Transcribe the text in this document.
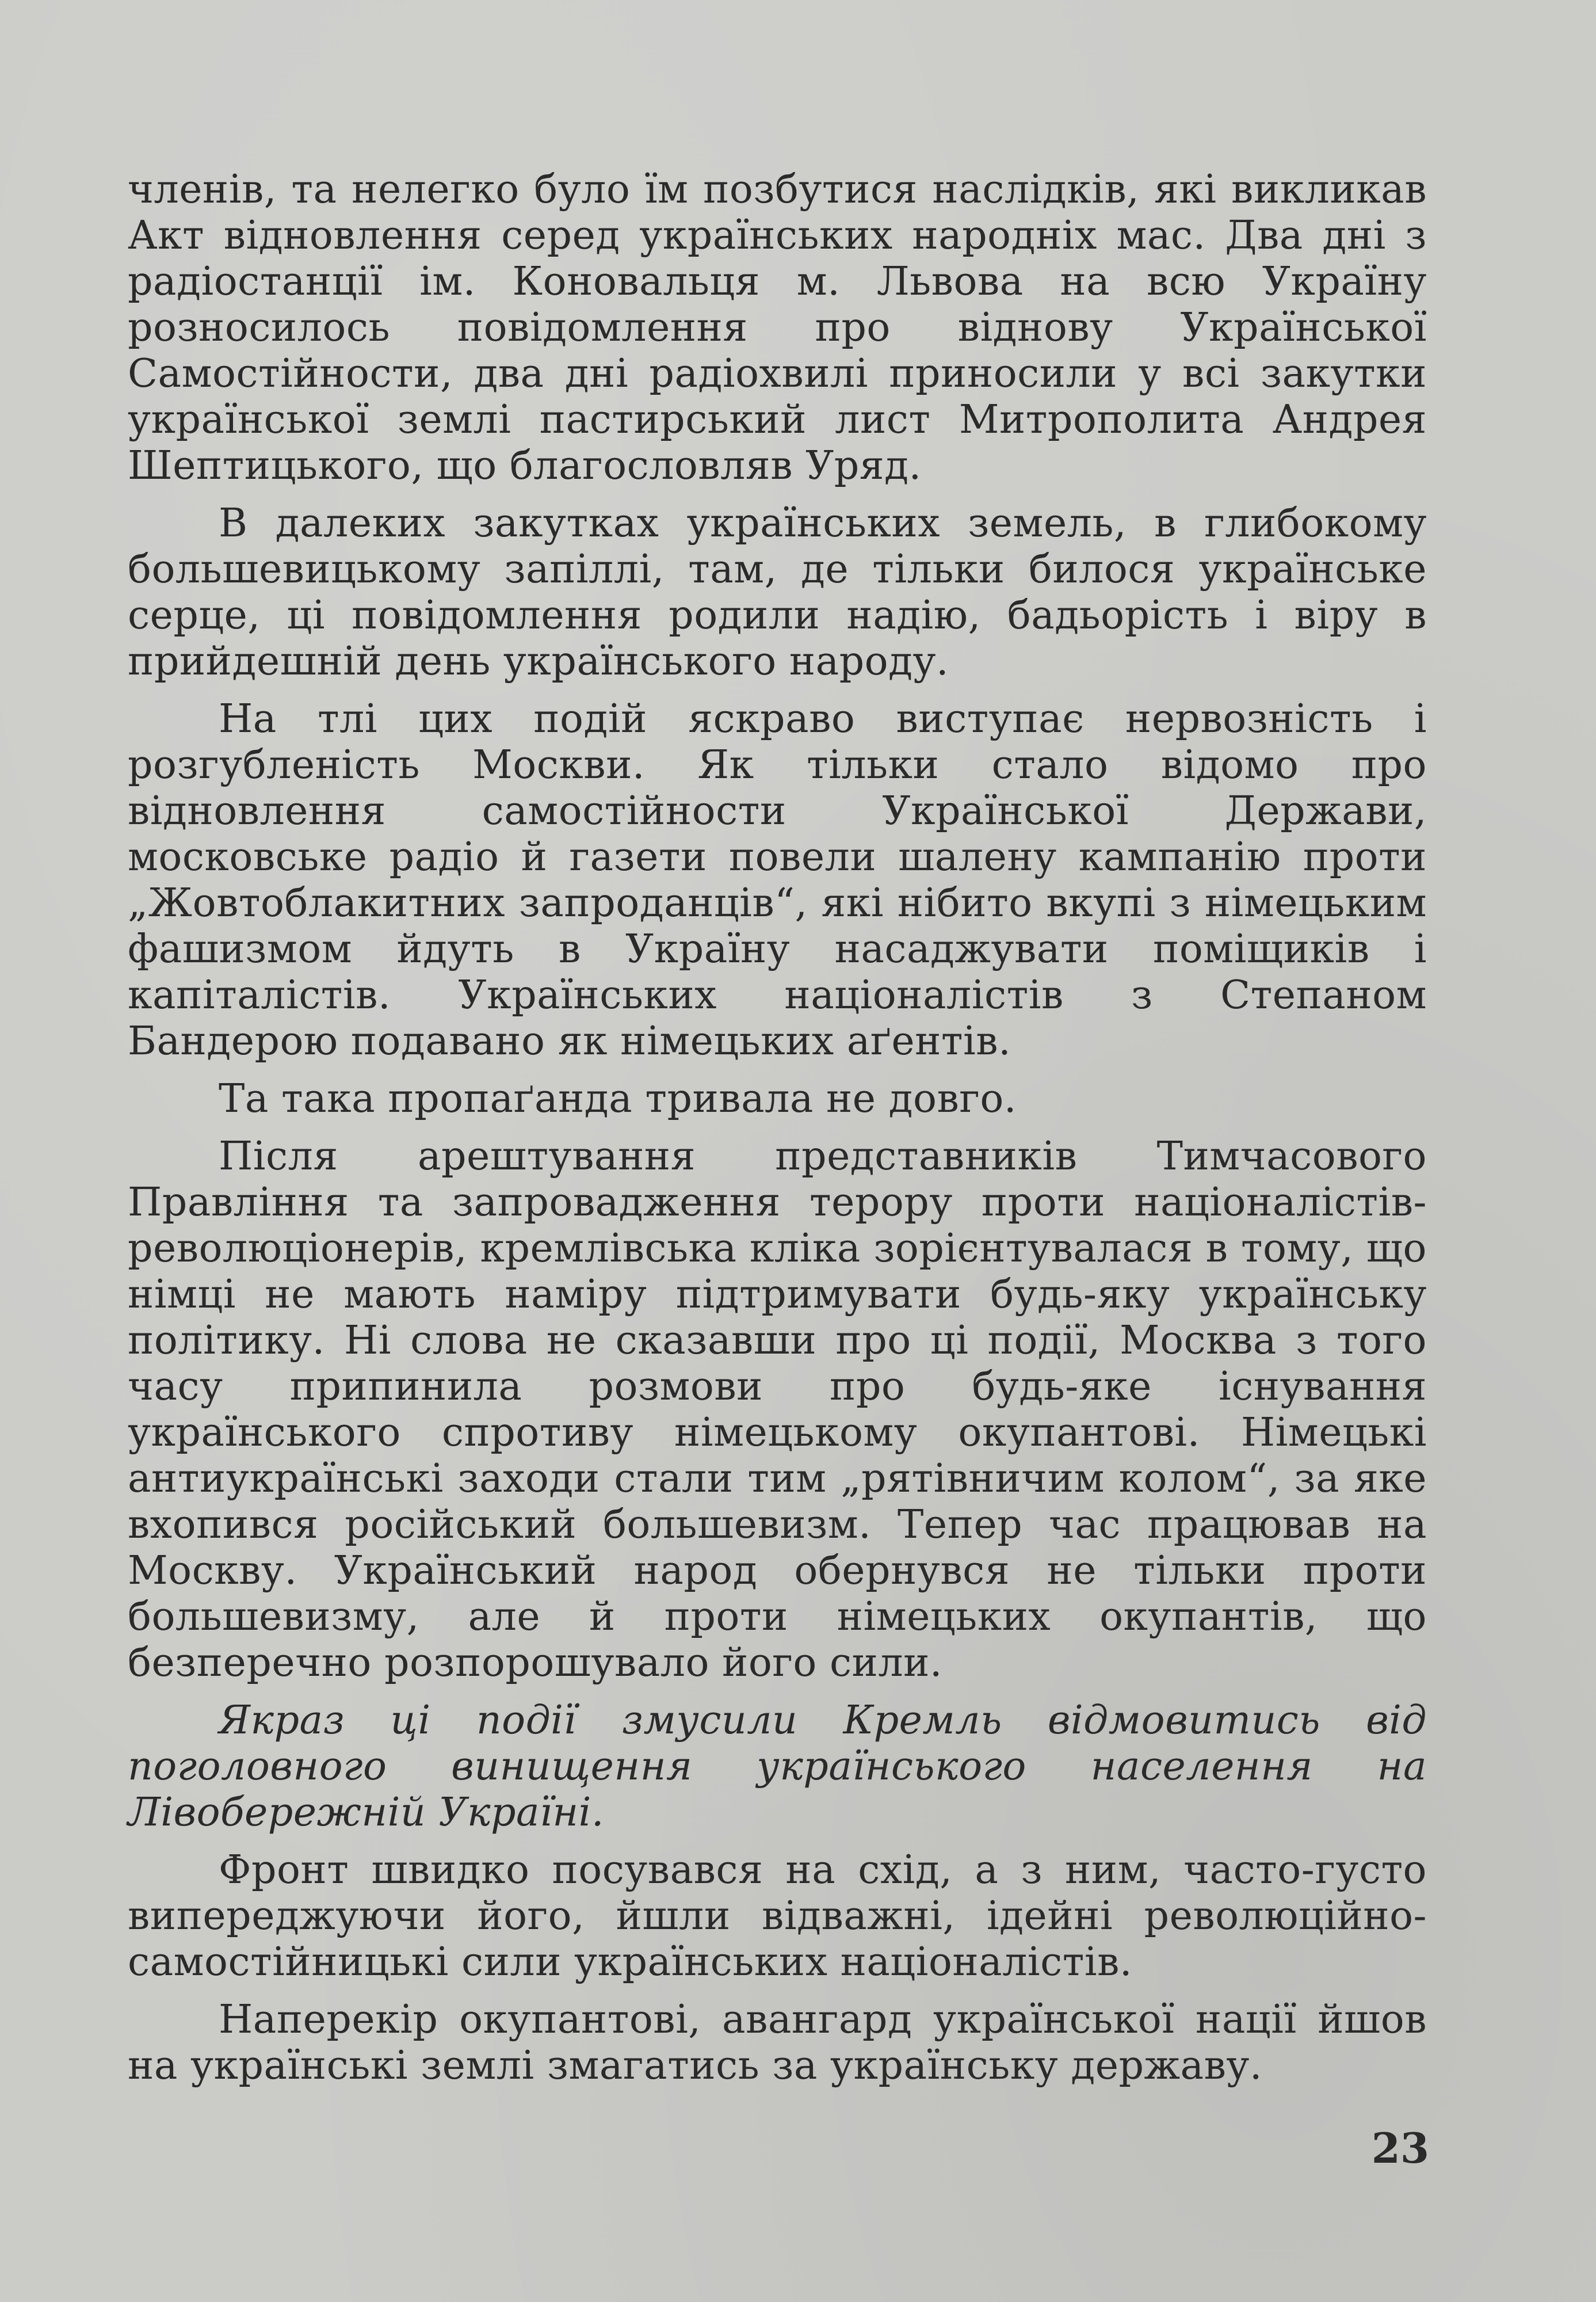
членів, та нелегко було їм позбутися наслідків, які викликав Акт відновлення серед українських народніх мас. Два дні з радіостанції ім. Коновальця м. Львова на всю Україну розносилось повідомлення про віднову Української Самостійности, два дні радіохвилі приносили у всі закутки української землі пастирський лист Митрополита Андрея Шептицького, що благословляв Уряд.

В далеких закутках українських земель, в глибокому большевицькому запіллі, там, де тільки билося українське серце, ці повідомлення родили надію, бадьорість і віру в прийдешній день українського народу.

На тлі цих подій яскраво виступає нервозність і розгубленість Москви. Як тільки стало відомо про відновлення самостійности Української Держави, московське радіо й газети повели шалену кампанію проти „Жовтоблакитних запроданців“, які нібито вкупі з німецьким фашизмом йдуть в Україну насаджувати поміщиків і капіталістів. Українських націоналістів з Степаном Бандерою подавано як німецьких аґентів.

Та така пропаґанда тривала не довго.

Після арештування представників Тимчасового Правління та запровадження терору проти націоналістів-революціонерів, кремлівська кліка зорієнтувалася в тому, що німці не мають наміру підтримувати будь-яку українську політику. Ні слова не сказавши про ці події, Москва з того часу припинила розмови про будь-яке існування українського спротиву німецькому окупантові. Німецькі антиукраїнські заходи стали тим „рятівничим колом“, за яке вхопився російський большевизм. Тепер час працював на Москву. Український народ обернувся не тільки проти большевизму, але й проти німецьких окупантів, що безперечно розпорошувало його сили.

Якраз ці події змусили Кремль відмовитись від поголовного винищення українського населення на Лівобережній Україні.

Фронт швидко посувався на схід, а з ним, часто-густо випереджуючи його, йшли відважні, ідейні революційно-самостійницькі сили українських націоналістів.

Наперекір окупантові, авангард української нації йшов на українські землі змагатись за українську державу.

23
